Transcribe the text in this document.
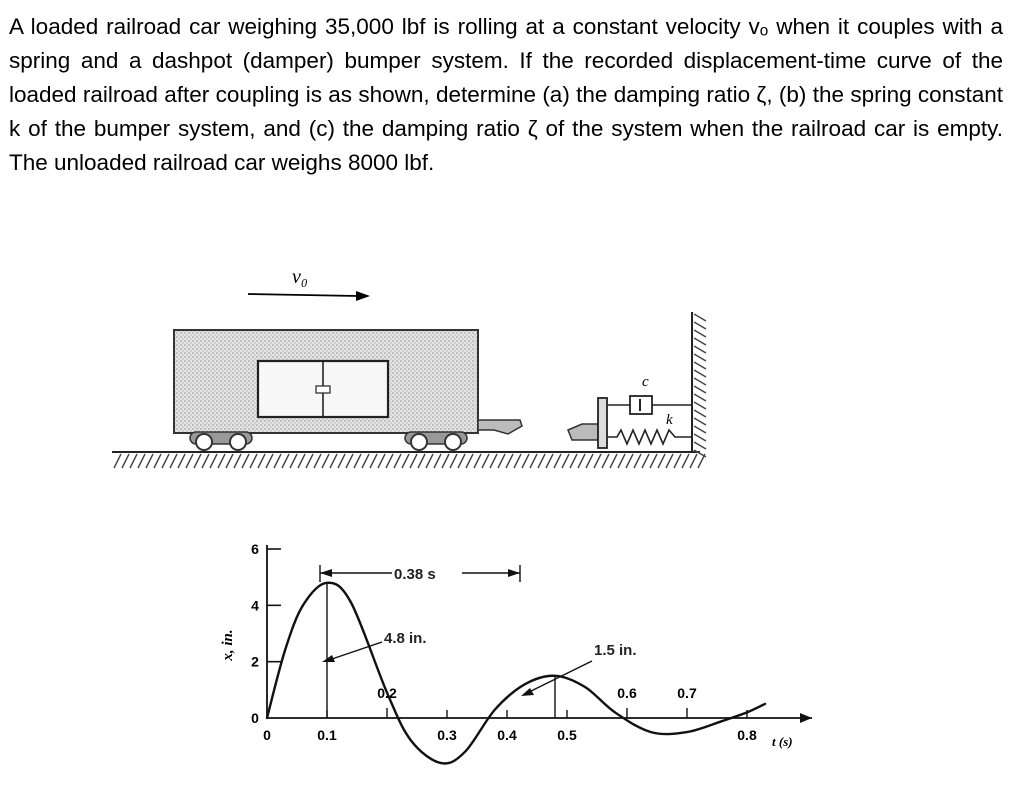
A loaded railroad car weighing 35,000 lbf is rolling at a constant velocity vₒ when it couples with a spring and a dashpot (damper) bumper system. If the recorded displacement-time curve of the loaded railroad after coupling is as shown, determine (a) the damping ratio ζ, (b) the spring constant k of the bumper system, and (c) the damping ratio ζ of the system when the railroad car is empty. The unloaded railroad car weighs 8000 lbf.

v₀
c
k
0
2
4
6
0	0.1	0.3	0.4	0.5	0.8
0.2	0.6	0.7
x, in.
t (s)
0.38 s
4.8 in.
1.5 in.
